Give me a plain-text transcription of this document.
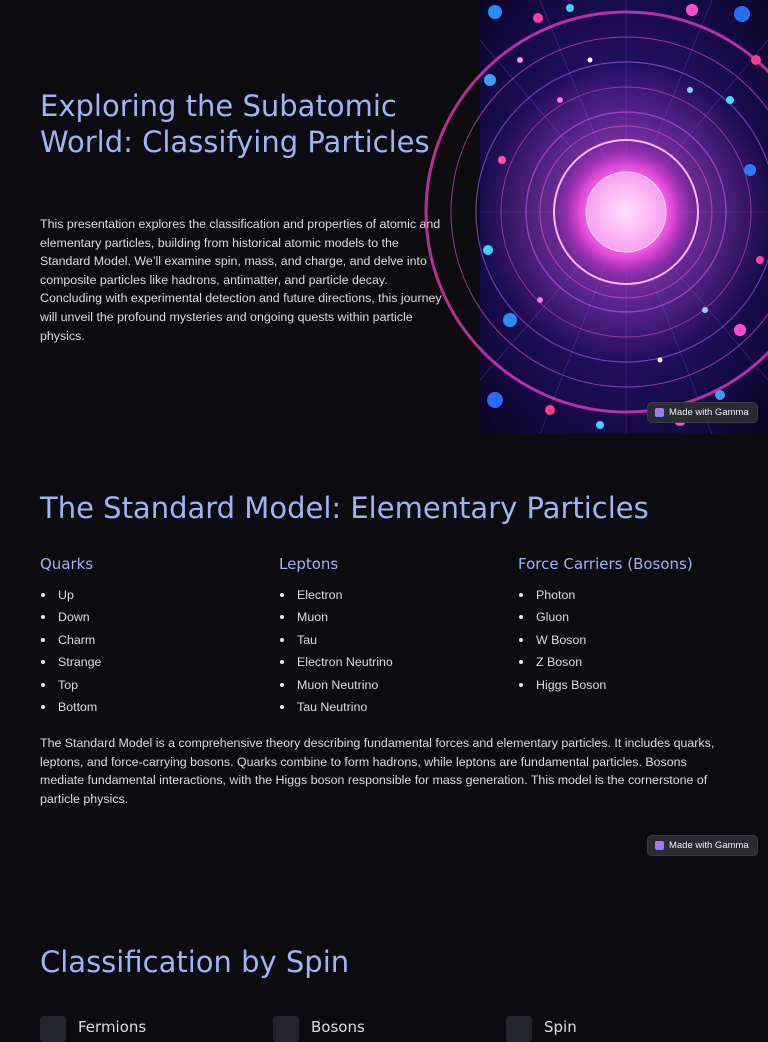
Exploring the Subatomic World: Classifying Particles

This presentation explores the classification and properties of atomic and elementary particles, building from historical atomic models to the Standard Model. We’ll examine spin, mass, and charge, and delve into composite particles like hadrons, antimatter, and particle decay. Concluding with experimental detection and future directions, this journey will unveil the profound mysteries and ongoing quests within particle physics.

Made with Gamma
The Standard Model: Elementary Particles
Quarks
Up
Down
Charm
Strange
Top
Bottom
Leptons
Electron
Muon
Tau
Electron Neutrino
Muon Neutrino
Tau Neutrino
Force Carriers (Bosons)
Photon
Gluon
W Boson
Z Boson
Higgs Boson

The Standard Model is a comprehensive theory describing fundamental forces and elementary particles. It includes quarks, leptons, and force-carrying bosons. Quarks combine to form hadrons, while leptons are fundamental particles. Bosons mediate fundamental interactions, with the Higgs boson responsible for mass generation. This model is the cornerstone of particle physics.

Made with Gamma
Classification by Spin
Fermions	Bosons	Spin
